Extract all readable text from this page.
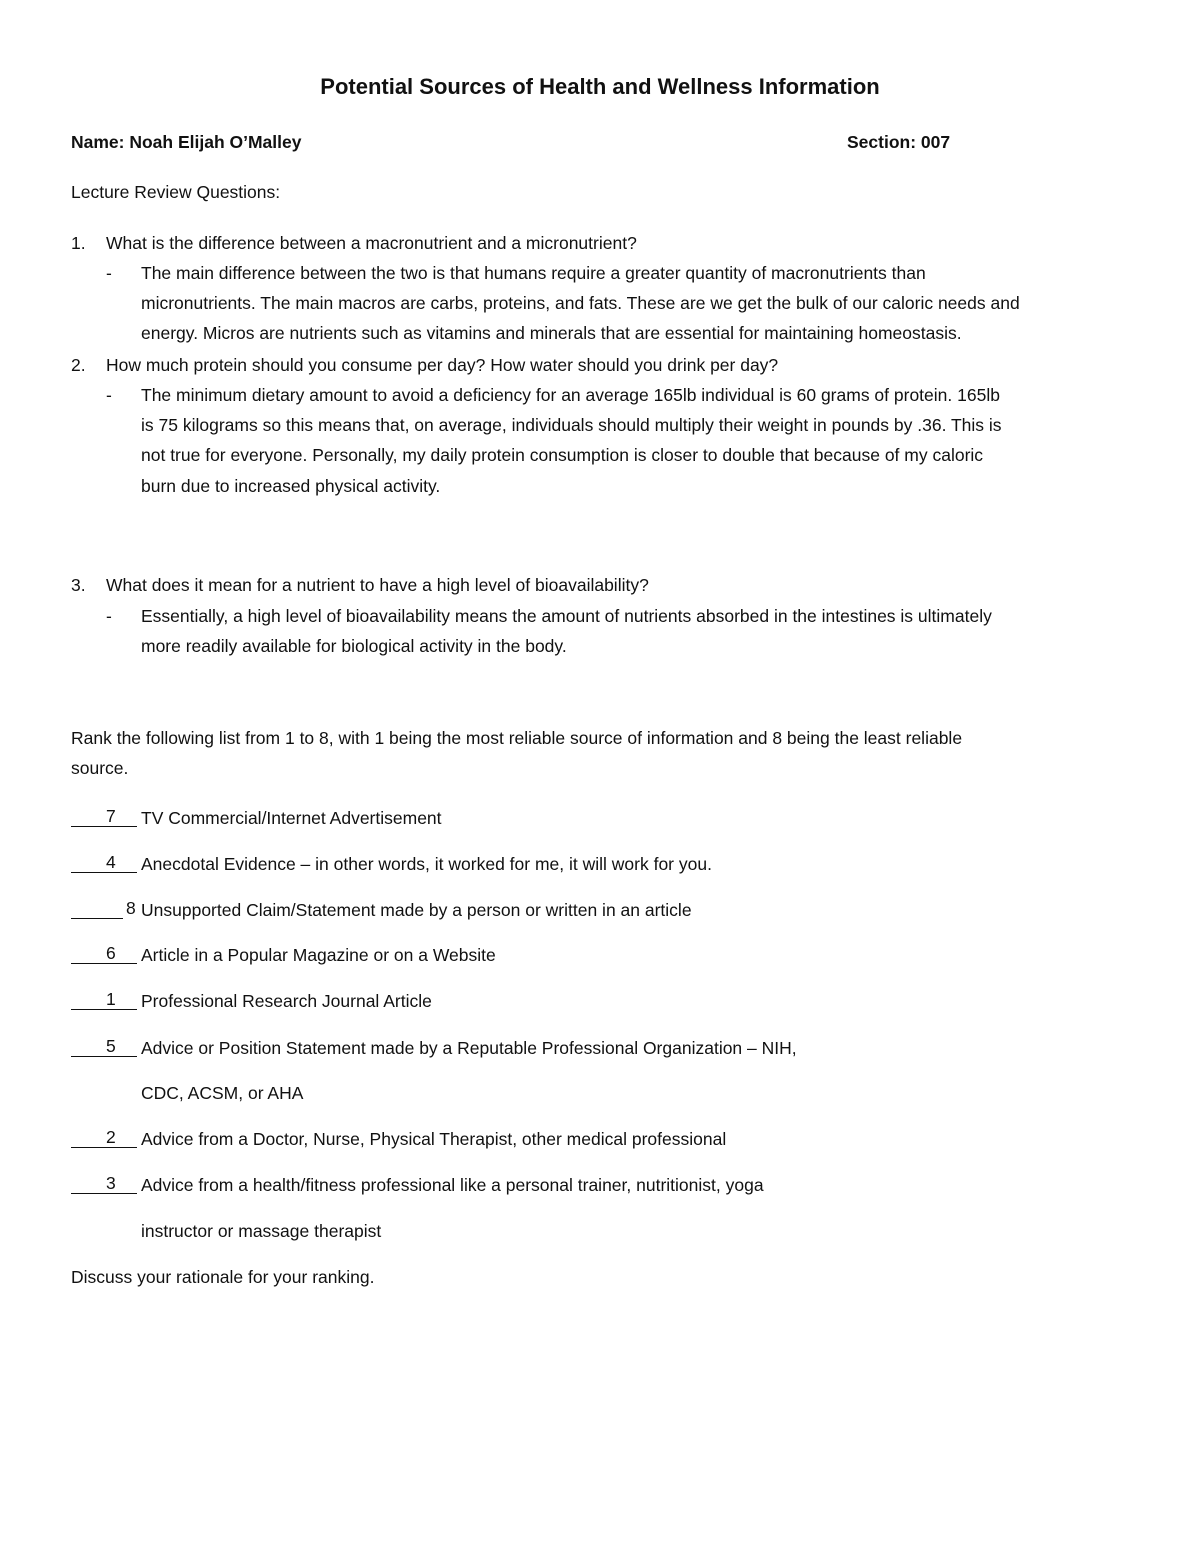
Potential Sources of Health and Wellness Information
Name: Noah Elijah O’Malley	Section: 007
Lecture Review Questions:
1. What is the difference between a macronutrient and a micronutrient?
- The main difference between the two is that humans require a greater quantity of macronutrients than
micronutrients. The main macros are carbs, proteins, and fats. These are we get the bulk of our caloric needs and
energy. Micros are nutrients such as vitamins and minerals that are essential for maintaining homeostasis.
2. How much protein should you consume per day? How water should you drink per day?
- The minimum dietary amount to avoid a deficiency for an average 165lb individual is 60 grams of protein. 165lb
is 75 kilograms so this means that, on average, individuals should multiply their weight in pounds by .36. This is
not true for everyone. Personally, my daily protein consumption is closer to double that because of my caloric
burn due to increased physical activity.
3. What does it mean for a nutrient to have a high level of bioavailability?
- Essentially, a high level of bioavailability means the amount of nutrients absorbed in the intestines is ultimately
more readily available for biological activity in the body.
Rank the following list from 1 to 8, with 1 being the most reliable source of information and 8 being the least reliable
source.
7 TV Commercial/Internet Advertisement
4 Anecdotal Evidence – in other words, it worked for me, it will work for you.
8 Unsupported Claim/Statement made by a person or written in an article
6 Article in a Popular Magazine or on a Website
1 Professional Research Journal Article
5 Advice or Position Statement made by a Reputable Professional Organization – NIH,
CDC, ACSM, or AHA
2 Advice from a Doctor, Nurse, Physical Therapist, other medical professional
3 Advice from a health/fitness professional like a personal trainer, nutritionist, yoga
instructor or massage therapist
Discuss your rationale for your ranking.
